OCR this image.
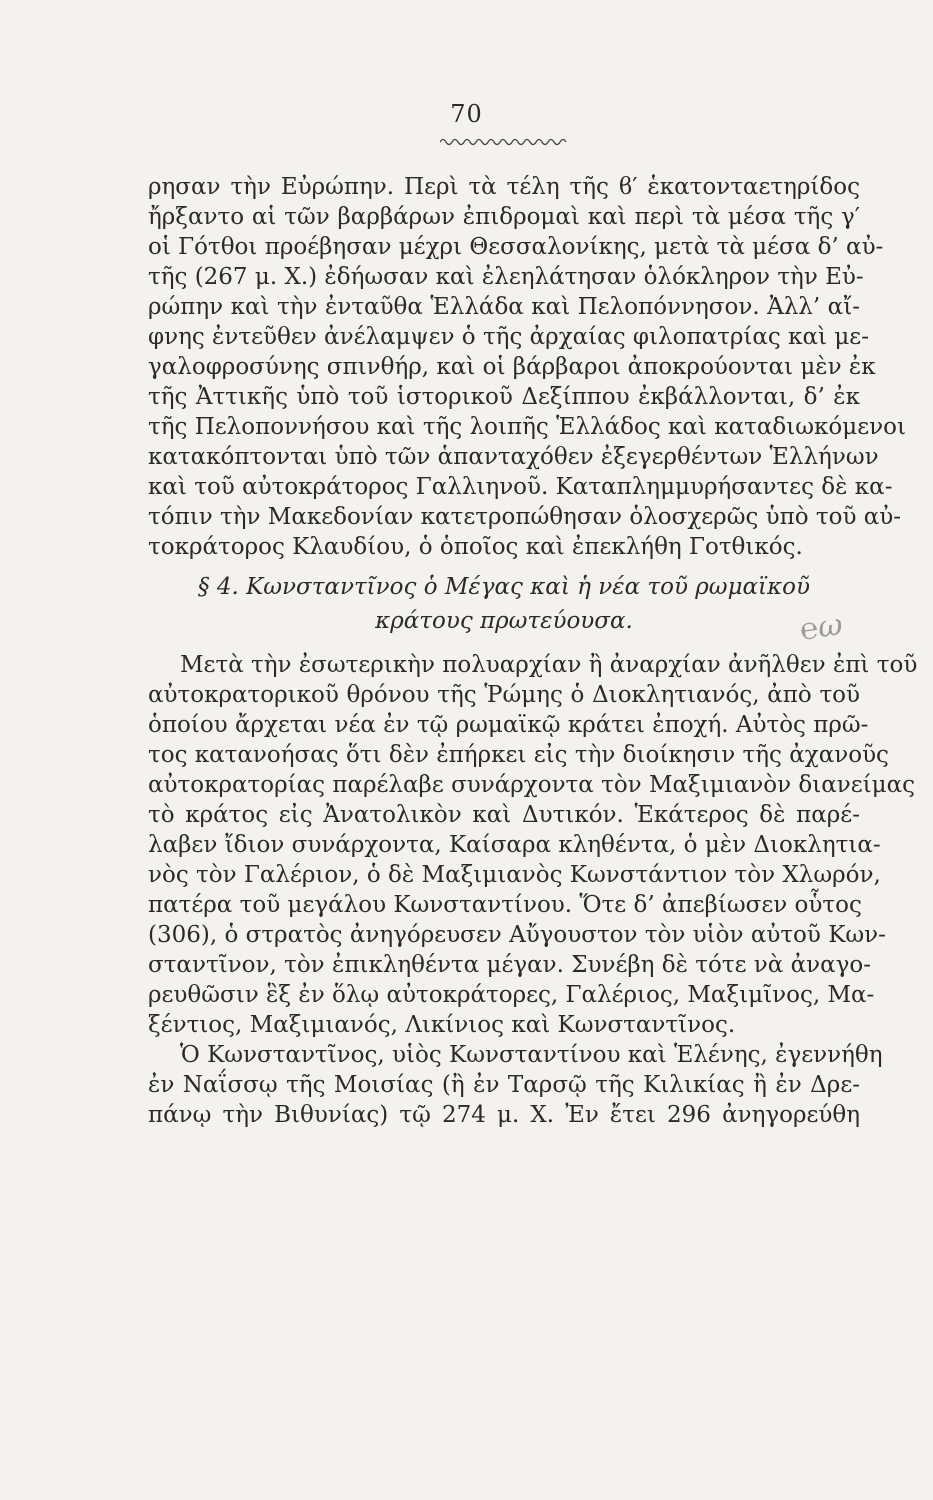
70
ρησαν τὴν Εὐρώπην. Περὶ τὰ τέλη τῆς ϐ′ ἑκατονταετηρίδος
ἤρξαντο αἱ τῶν βαρβάρων ἐπιδρομαὶ καὶ περὶ τὰ μέσα τῆς γ′
οἱ Γότθοι προέβησαν μέχρι Θεσσαλονίκης, μετὰ τὰ μέσα δ’ αὐ-
τῆς (267 μ. Χ.) ἐδήωσαν καὶ ἐλεηλάτησαν ὁλόκληρον τὴν Εὐ-
ρώπην καὶ τὴν ἐνταῦθα Ἑλλάδα καὶ Πελοπόννησον. Ἀλλ’ αἴ-
φνης ἐντεῦθεν ἀνέλαμψεν ὁ τῆς ἀρχαίας φιλοπατρίας καὶ με-
γαλοφροσύνης σπινθήρ, καὶ οἱ βάρβαροι ἀποκρούονται μὲν ἐκ
τῆς Ἀττικῆς ὑπὸ τοῦ ἱστορικοῦ Δεξίππου ἐκβάλλονται, δ’ ἐκ
τῆς Πελοποννήσου καὶ τῆς λοιπῆς Ἑλλάδος καὶ καταδιωκόμενοι
κατακόπτονται ὑπὸ τῶν ἁπανταχόθεν ἐξεγερθέντων Ἑλλήνων
καὶ τοῦ αὐτοκράτορος Γαλλιηνοῦ. Καταπλημμυρήσαντες δὲ κα-
τόπιν τὴν Μακεδονίαν κατετροπώθησαν ὁλοσχερῶς ὑπὸ τοῦ αὐ-
τοκράτορος Κλαυδίου, ὁ ὁποῖος καὶ ἐπεκλήθη Γοτθικός.
§ 4. Κωνσταντῖνος ὁ Μέγας καὶ ἡ νέα τοῦ ρωμαϊκοῦ
κράτους πρωτεύουσα.
Μετὰ τὴν ἐσωτερικὴν πολυαρχίαν ἢ ἀναρχίαν ἀνῆλθεν ἐπὶ τοῦ
αὐτοκρατορικοῦ θρόνου τῆς Ῥώμης ὁ Διοκλητιανός, ἀπὸ τοῦ
ὁποίου ἄρχεται νέα ἐν τῷ ρωμαϊκῷ κράτει ἐποχή. Αὐτὸς πρῶ-
τος κατανοήσας ὅτι δὲν ἐπήρκει εἰς τὴν διοίκησιν τῆς ἀχανοῦς
αὐτοκρατορίας παρέλαβε συνάρχοντα τὸν Μαξιμιανὸν διανείμας
τὸ κράτος εἰς Ἀνατολικὸν καὶ Δυτικόν. Ἑκάτερος δὲ παρέ-
λαβεν ἴδιον συνάρχοντα, Καίσαρα κληθέντα, ὁ μὲν Διοκλητια-
νὸς τὸν Γαλέριον, ὁ δὲ Μαξιμιανὸς Κωνστάντιον τὸν Χλωρόν,
πατέρα τοῦ μεγάλου Κωνσταντίνου. Ὅτε δ’ ἀπεβίωσεν οὗτος
(306), ὁ στρατὸς ἀνηγόρευσεν Αὔγουστον τὸν υἱὸν αὐτοῦ Κων-
σταντῖνον, τὸν ἐπικληθέντα μέγαν. Συνέβη δὲ τότε νὰ ἀναγο-
ρευθῶσιν ἓξ ἐν ὅλῳ αὐτοκράτορες, Γαλέριος, Μαξιμῖνος, Μα-
ξέντιος, Μαξιμιανός, Λικίνιος καὶ Κωνσταντῖνος.
Ὁ Κωνσταντῖνος, υἱὸς Κωνσταντίνου καὶ Ἑλένης, ἐγεννήθη
ἐν Ναΐσσῳ τῆς Μοισίας (ἢ ἐν Ταρσῷ τῆς Κιλικίας ἢ ἐν Δρε-
πάνῳ τὴν Βιθυνίας) τῷ 274 μ. Χ. Ἐν ἔτει 296 ἀνηγορεύθη
℮ω
